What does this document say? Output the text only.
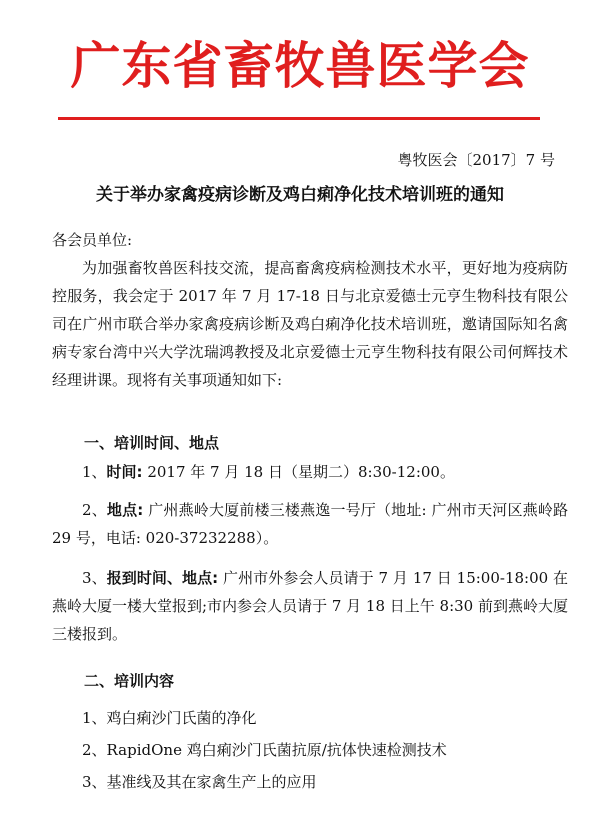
广东省畜牧兽医学会
粤牧医会〔2017〕7 号
关于举办家禽疫病诊断及鸡白痢净化技术培训班的通知
各会员单位:
为加强畜牧兽医科技交流，提高畜禽疫病检测技术水平，更好地为疫病防控服务，我会定于 2017 年 7 月 17-18 日与北京爱德士元亨生物科技有限公司在广州市联合举办家禽疫病诊断及鸡白痢净化技术培训班，邀请国际知名禽病专家台湾中兴大学沈瑞鸿教授及北京爱德士元亨生物科技有限公司何辉技术经理讲课。现将有关事项通知如下:
一、培训时间、地点
1、时间: 2017 年 7 月 18 日（星期二）8:30-12:00。
2、地点: 广州燕岭大厦前楼三楼燕逸一号厅（地址: 广州市天河区燕岭路 29 号，电话: 020-37232288）。
3、报到时间、地点: 广州市外参会人员请于 7 月 17 日 15:00-18:00 在燕岭大厦一楼大堂报到;市内参会人员请于 7 月 18 日上午 8:30 前到燕岭大厦三楼报到。
二、培训内容
1、鸡白痢沙门氏菌的净化
2、RapidOne 鸡白痢沙门氏菌抗原/抗体快速检测技术
3、基准线及其在家禽生产上的应用
